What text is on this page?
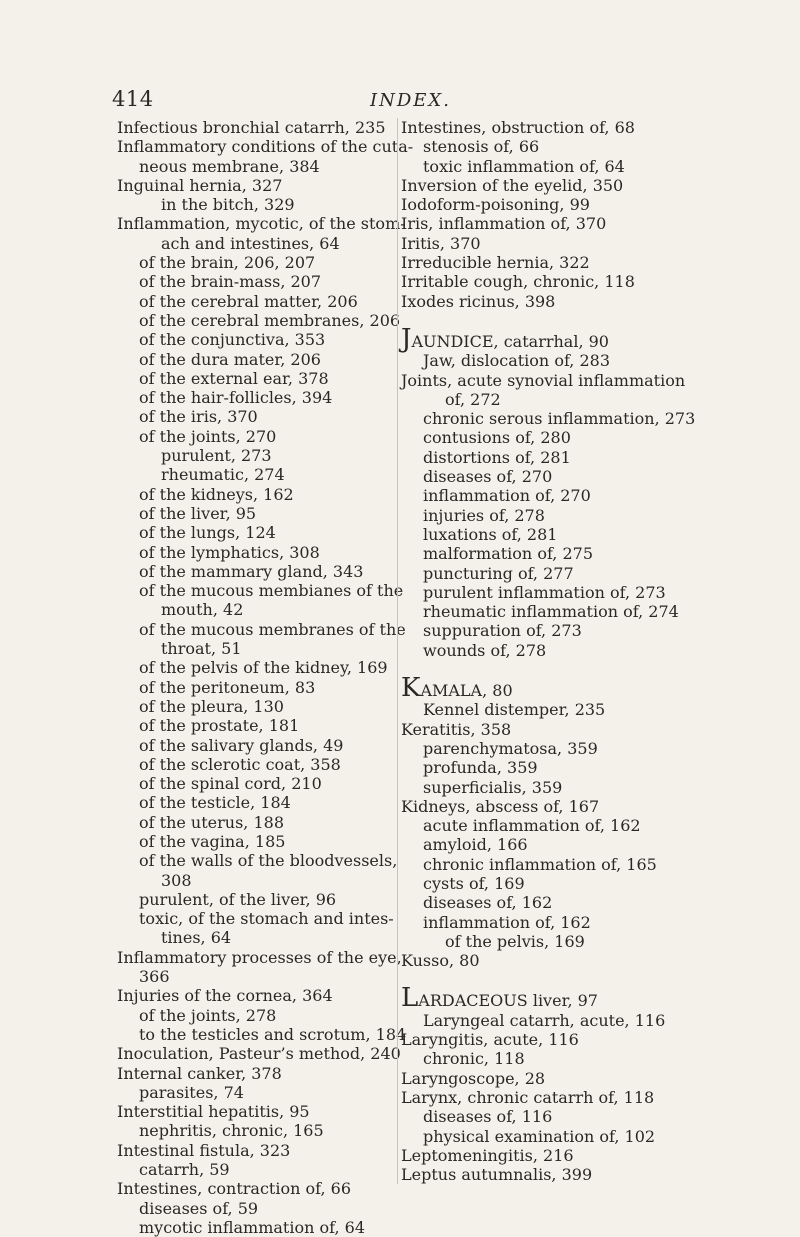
414	INDEX.
Infectious bronchial catarrh, 235
Inflammatory conditions of the cuta-
neous membrane, 384
Inguinal hernia, 327
in the bitch, 329
Inflammation, mycotic, of the stom-
ach and intestines, 64
of the brain, 206, 207
of the brain-mass, 207
of the cerebral matter, 206
of the cerebral membranes, 206
of the conjunctiva, 353
of the dura mater, 206
of the external ear, 378
of the hair-follicles, 394
of the iris, 370
of the joints, 270
purulent, 273
rheumatic, 274
of the kidneys, 162
of the liver, 95
of the lungs, 124
of the lymphatics, 308
of the mammary gland, 343
of the mucous membianes of the
mouth, 42
of the mucous membranes of the
throat, 51
of the pelvis of the kidney, 169
of the peritoneum, 83
of the pleura, 130
of the prostate, 181
of the salivary glands, 49
of the sclerotic coat, 358
of the spinal cord, 210
of the testicle, 184
of the uterus, 188
of the vagina, 185
of the walls of the bloodvessels,
308
purulent, of the liver, 96
toxic, of the stomach and intes-
tines, 64
Inflammatory processes of the eye,
366
Injuries of the cornea, 364
of the joints, 278
to the testicles and scrotum, 184
Inoculation, Pasteur’s method, 240
Internal canker, 378
parasites, 74
Interstitial hepatitis, 95
nephritis, chronic, 165
Intestinal fistula, 323
catarrh, 59
Intestines, contraction of, 66
diseases of, 59
mycotic inflammation of, 64
Intestines, obstruction of, 68
stenosis of, 66
toxic inflammation of, 64
Inversion of the eyelid, 350
Iodoform-poisoning, 99
Iris, inflammation of, 370
Iritis, 370
Irreducible hernia, 322
Irritable cough, chronic, 118
Ixodes ricinus, 398
JAUNDICE, catarrhal, 90
Jaw, dislocation of, 283
Joints, acute synovial inflammation
of, 272
chronic serous inflammation, 273
contusions of, 280
distortions of, 281
diseases of, 270
inflammation of, 270
injuries of, 278
luxations of, 281
malformation of, 275
puncturing of, 277
purulent inflammation of, 273
rheumatic inflammation of, 274
suppuration of, 273
wounds of, 278
KAMALA, 80
Kennel distemper, 235
Keratitis, 358
parenchymatosa, 359
profunda, 359
superficialis, 359
Kidneys, abscess of, 167
acute inflammation of, 162
amyloid, 166
chronic inflammation of, 165
cysts of, 169
diseases of, 162
inflammation of, 162
of the pelvis, 169
Kusso, 80
LARDACEOUS liver, 97
Laryngeal catarrh, acute, 116
Laryngitis, acute, 116
chronic, 118
Laryngoscope, 28
Larynx, chronic catarrh of, 118
diseases of, 116
physical examination of, 102
Leptomeningitis, 216
Leptus autumnalis, 399
